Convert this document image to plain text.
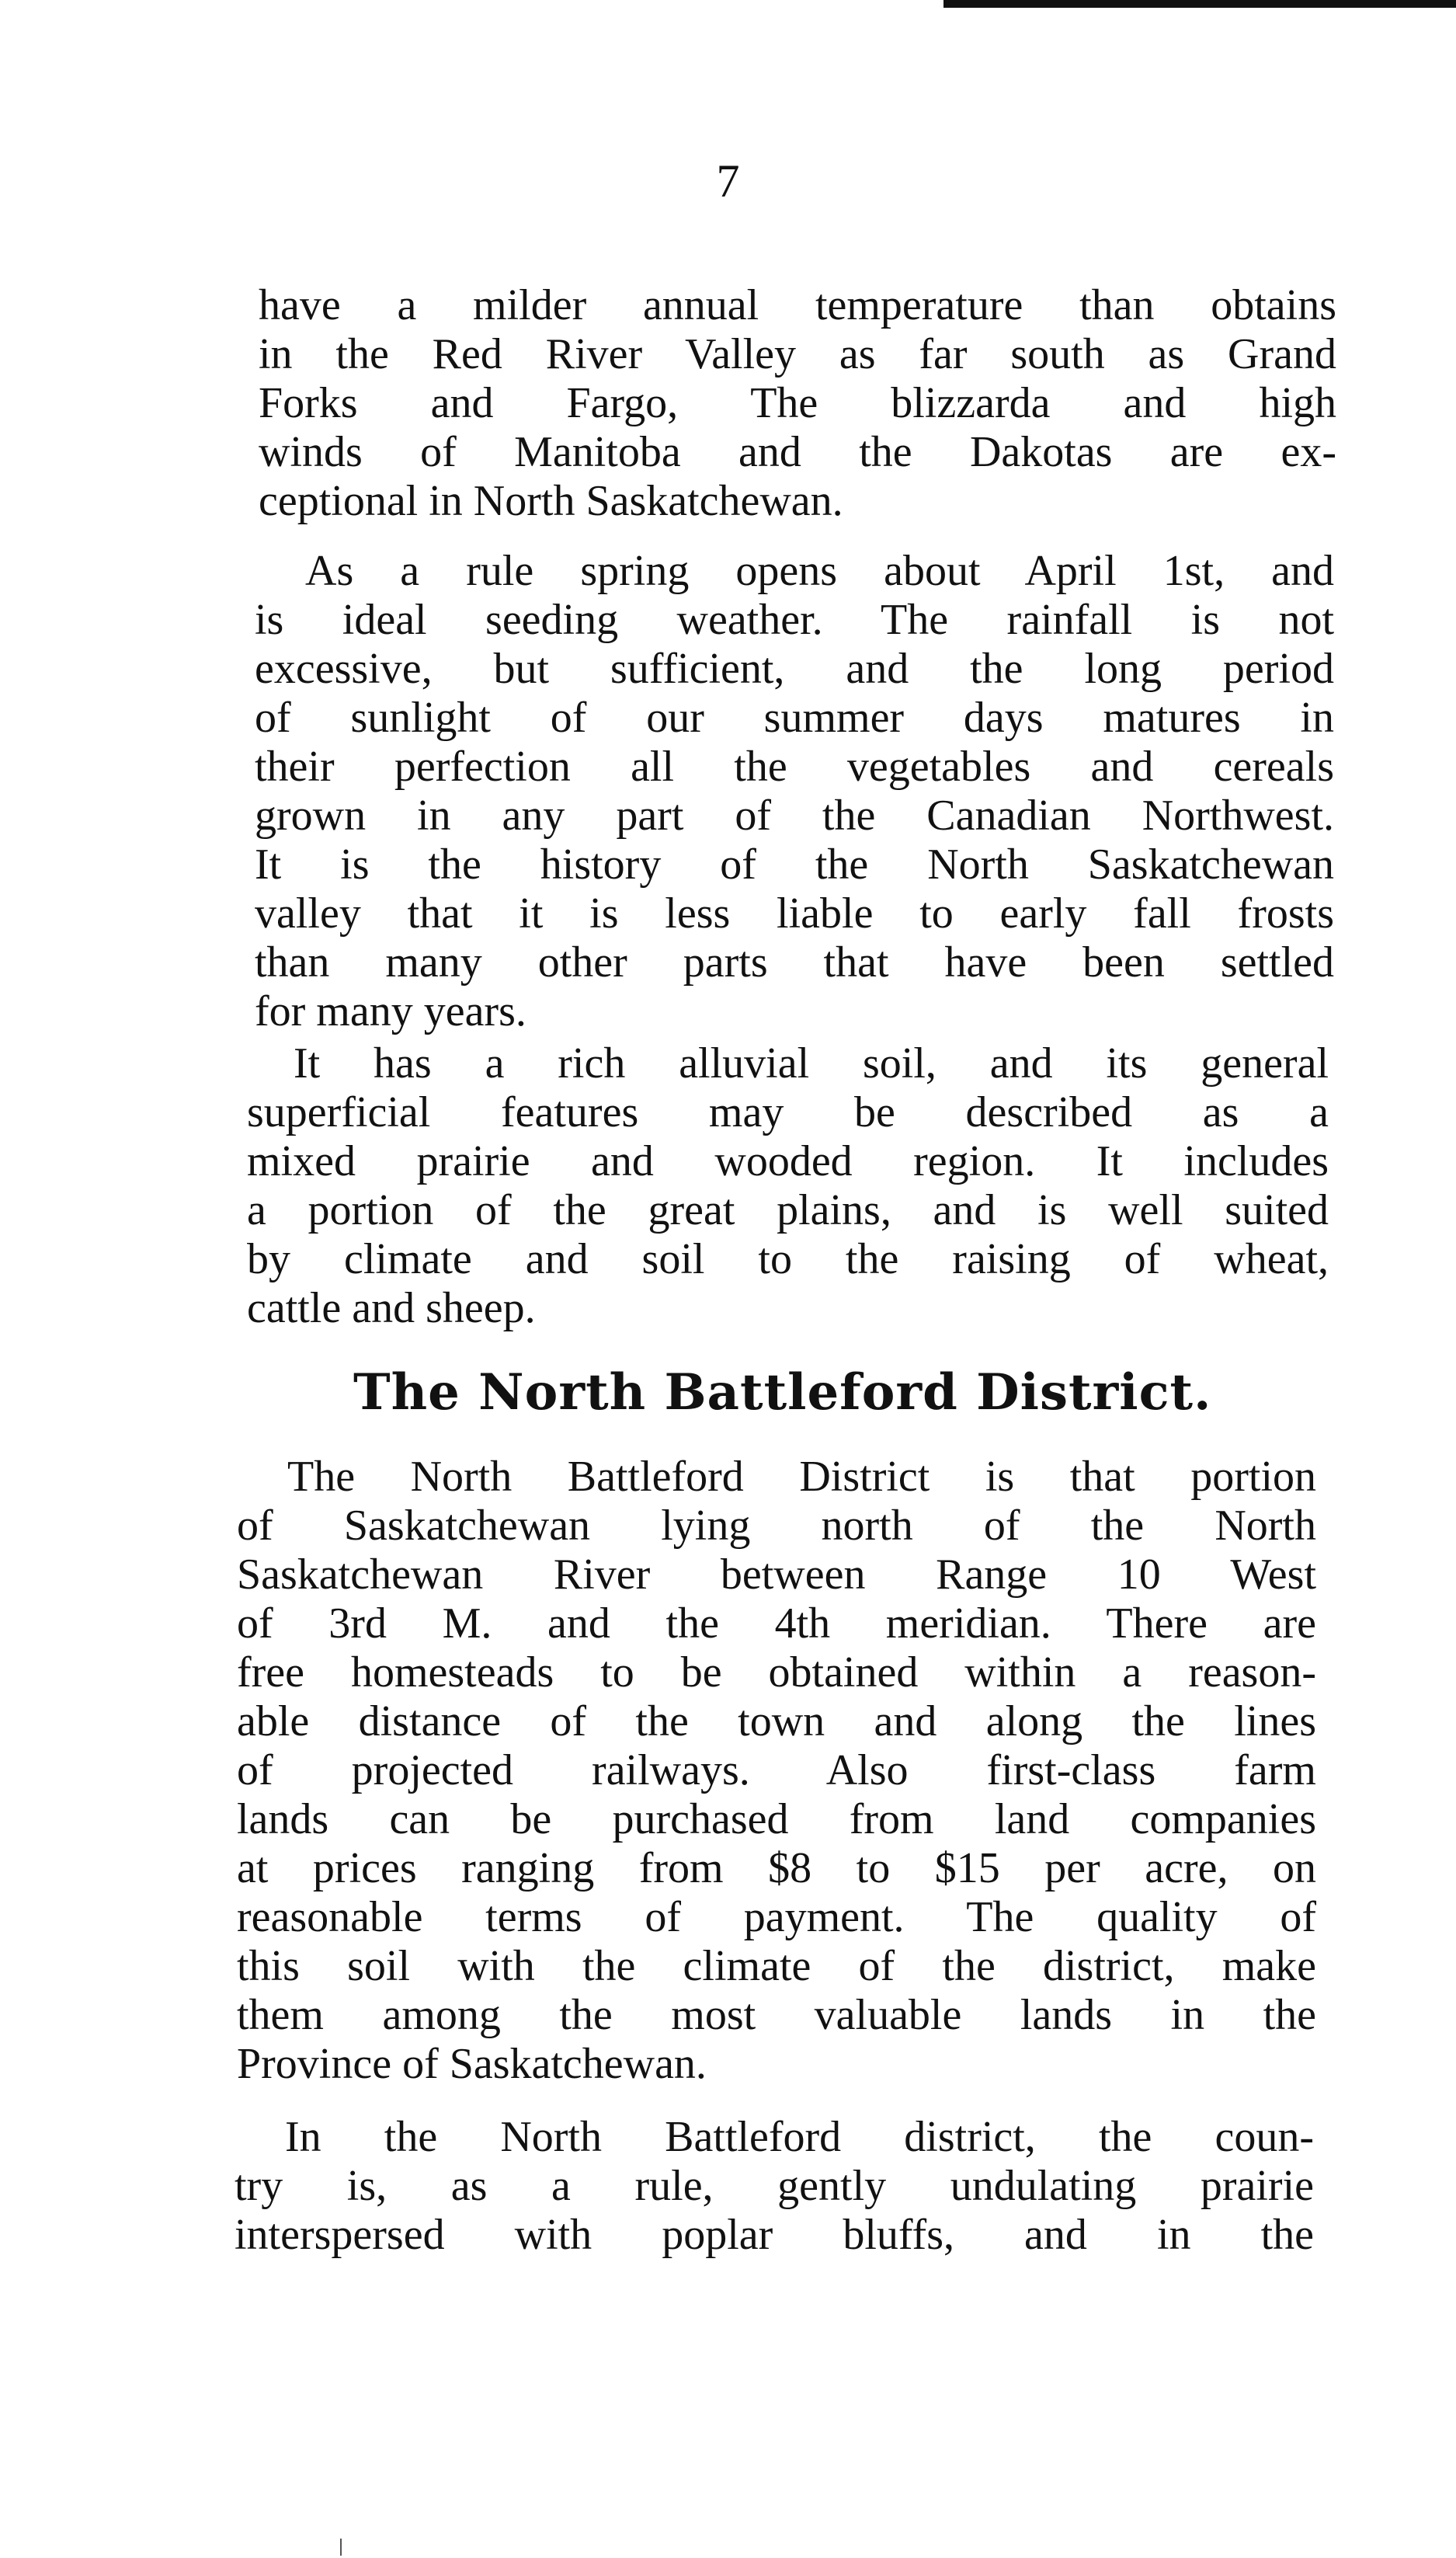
7
have a milder annual temperature than obtains
in the Red River Valley as far south as Grand
Forks and Fargo, The blizzarda and high
winds of Manitoba and the Dakotas are ex-
ceptional in North Saskatchewan.
As a rule spring opens about April 1st, and
is ideal seeding weather. The rainfall is not
excessive, but sufficient, and the long period
of sunlight of our summer days matures in
their perfection all the vegetables and cereals
grown in any part of the Canadian Northwest.
It is the history of the North Saskatchewan
valley that it is less liable to early fall frosts
than many other parts that have been settled
for many years.
It has a rich alluvial soil, and its general
superficial features may be described as a
mixed prairie and wooded region. It includes
a portion of the great plains, and is well suited
by climate and soil to the raising of wheat,
cattle and sheep.
The North Battleford District.
The North Battleford District is that portion
of Saskatchewan lying north of the North
Saskatchewan River between Range 10 West
of 3rd M. and the 4th meridian. There are
free homesteads to be obtained within a reason-
able distance of the town and along the lines
of projected railways. Also first-class farm
lands can be purchased from land companies
at prices ranging from $8 to $15 per acre, on
reasonable terms of payment. The quality of
this soil with the climate of the district, make
them among the most valuable lands in the
Province of Saskatchewan.
In the North Battleford district, the coun-
try is, as a rule, gently undulating prairie
interspersed with poplar bluffs, and in the
